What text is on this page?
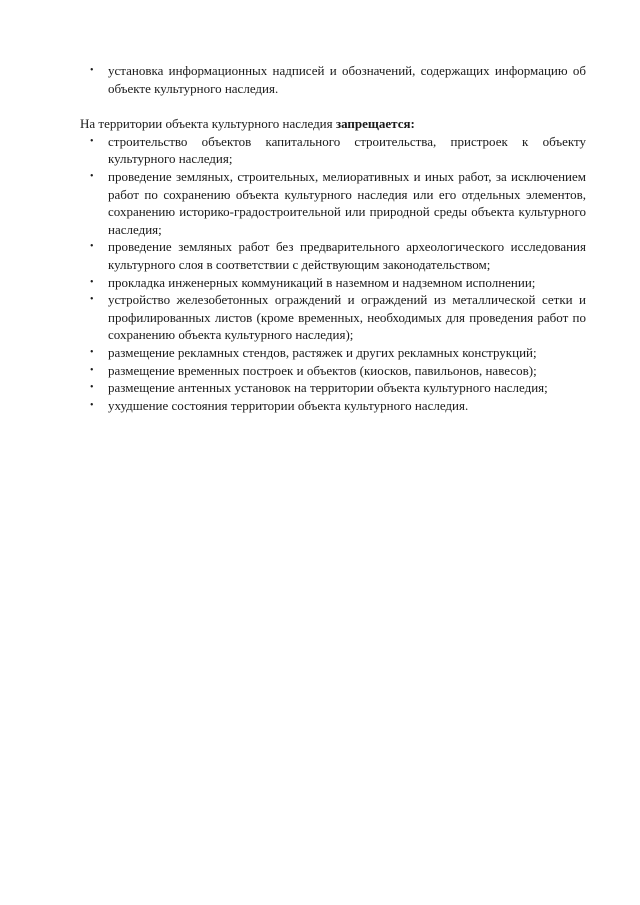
• установка информационных надписей и обозначений, содержащих информацию об объекте культурного наследия.

На территории объекта культурного наследия запрещается:

• строительство объектов капитального строительства, пристроек к объекту культурного наследия;
• проведение земляных, строительных, мелиоративных и иных работ, за исключением работ по сохранению объекта культурного наследия или его отдельных элементов, сохранению историко-градостроительной или природной среды объекта культурного наследия;
• проведение земляных работ без предварительного археологического исследования культурного слоя в соответствии с действующим законодательством;
• прокладка инженерных коммуникаций в наземном и надземном исполнении;
• устройство железобетонных ограждений и ограждений из металлической сетки и профилированных листов (кроме временных, необходимых для проведения работ по сохранению объекта культурного наследия);
• размещение рекламных стендов, растяжек и других рекламных конструкций;
• размещение временных построек и объектов (киосков, павильонов, навесов);
• размещение антенных установок на территории объекта культурного наследия;
• ухудшение состояния территории объекта культурного наследия.
